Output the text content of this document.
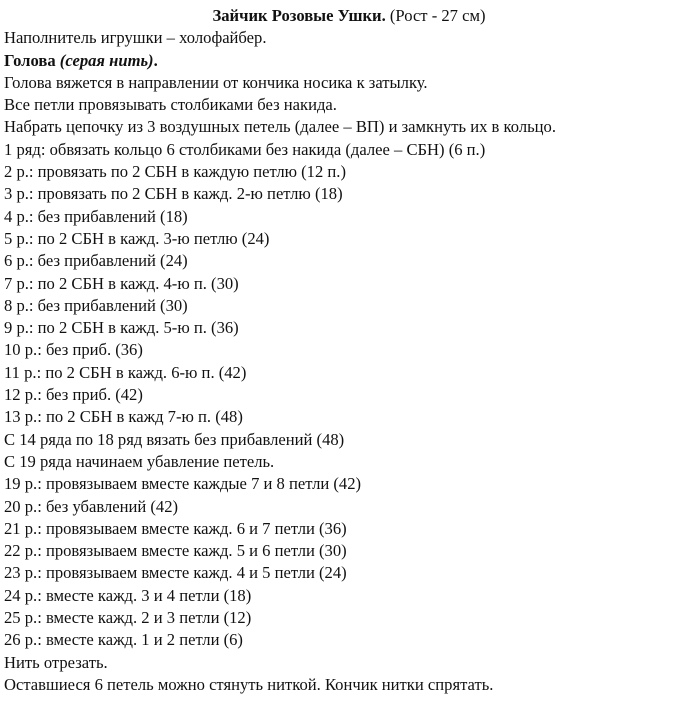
Зайчик Розовые Ушки. (Рост - 27 см)
Наполнитель игрушки – холофайбер.
Голова (серая нить).
Голова вяжется в направлении от кончика носика к затылку.
Все петли провязывать столбиками без накида.
Набрать цепочку из 3 воздушных петель (далее – ВП) и замкнуть их в кольцо.
1 ряд: обвязать кольцо 6 столбиками без накида (далее – СБН) (6 п.)
2 р.: провязать по 2 СБН в каждую петлю (12 п.)
3 р.: провязать по 2 СБН в кажд. 2-ю петлю (18)
4 р.: без прибавлений (18)
5 р.: по 2 СБН в кажд. 3-ю петлю (24)
6 р.: без прибавлений (24)
7 р.: по 2 СБН в кажд. 4-ю п. (30)
8 р.: без прибавлений (30)
9 р.: по 2 СБН в кажд. 5-ю п. (36)
10 р.: без приб. (36)
11 р.: по 2 СБН в кажд. 6-ю п. (42)
12 р.: без приб. (42)
13 р.: по 2 СБН в кажд 7-ю п. (48)
С 14 ряда по 18 ряд вязать без прибавлений (48)
С 19 ряда начинаем убавление петель.
19 р.: провязываем вместе каждые 7 и 8 петли (42)
20 р.: без убавлений (42)
21 р.: провязываем вместе кажд. 6 и 7 петли (36)
22 р.: провязываем вместе кажд. 5 и 6 петли (30)
23 р.: провязываем вместе кажд. 4 и 5 петли (24)
24 р.: вместе кажд. 3 и 4 петли (18)
25 р.: вместе кажд. 2 и 3 петли (12)
26 р.: вместе кажд. 1 и 2 петли (6)
Нить отрезать.
Оставшиеся 6 петель можно стянуть ниткой. Кончик нитки спрятать.
